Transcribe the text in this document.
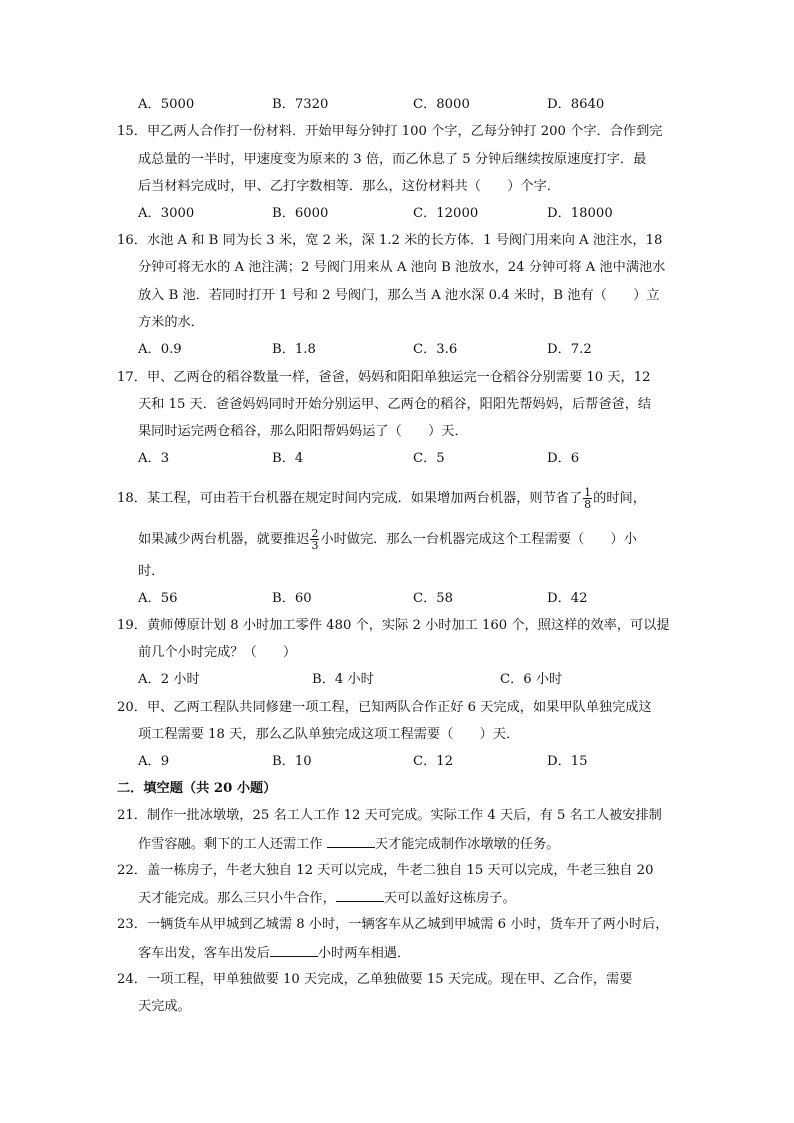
A．5000	B．7320	C．8000	D．8640
15．甲乙两人合作打一份材料．开始甲每分钟打 100 个字，乙每分钟打 200 个字．合作到完
成总量的一半时，甲速度变为原来的 3 倍，而乙休息了 5 分钟后继续按原速度打字．最
后当材料完成时，甲、乙打字数相等．那么，这份材料共（　　）个字．
A．3000	B．6000	C．12000	D．18000
16．水池 A 和 B 同为长 3 米，宽 2 米，深 1.2 米的长方体．1 号阀门用来向 A 池注水，18
分钟可将无水的 A 池注满；2 号阀门用来从 A 池向 B 池放水，24 分钟可将 A 池中满池水
放入 B 池．若同时打开 1 号和 2 号阀门，那么当 A 池水深 0.4 米时，B 池有（　　）立
方米的水．
A．0.9	B．1.8	C．3.6	D．7.2
17．甲、乙两仓的稻谷数量一样，爸爸，妈妈和阳阳单独运完一仓稻谷分别需要 10 天，12
天和 15 天．爸爸妈妈同时开始分别运甲、乙两仓的稻谷，阳阳先帮妈妈，后帮爸爸，结
果同时运完两仓稻谷，那么阳阳帮妈妈运了（　　）天．
A．3	B．4	C．5	D．6
18．某工程，可由若干台机器在规定时间内完成．如果增加两台机器，则节省了 $\frac{1}{8}$ 的时间，
如果减少两台机器，就要推迟 $\frac{2}{3}$ 小时做完．那么一台机器完成这个工程需要（　　）小
时．
A．56	B．60	C．58	D．42
19．黄师傅原计划 8 小时加工零件 480 个，实际 2 小时加工 160 个，照这样的效率，可以提
前几个小时完成？（　　）
A．2 小时	B．4 小时	C．6 小时
20．甲、乙两工程队共同修建一项工程，已知两队合作正好 6 天完成，如果甲队单独完成这
项工程需要 18 天，那么乙队单独完成这项工程需要（　　）天．
A．9	B．10	C．12	D．15
二．填空题（共 20 小题）
21．制作一批冰墩墩，25 名工人工作 12 天可完成。实际工作 4 天后，有 5 名工人被安排制
作雪容融。剩下的工人还需工作	天才能完成制作冰墩墩的任务。
22．盖一栋房子，牛老大独自 12 天可以完成，牛老二独自 15 天可以完成，牛老三独自 20
天才能完成。那么三只小牛合作，	天可以盖好这栋房子。
23．一辆货车从甲城到乙城需 8 小时，一辆客车从乙城到甲城需 6 小时，货车开了两小时后，
客车出发，客车出发后	小时两车相遇．
24．一项工程，甲单独做要 10 天完成，乙单独做要 15 天完成。现在甲、乙合作，需要
天完成。
